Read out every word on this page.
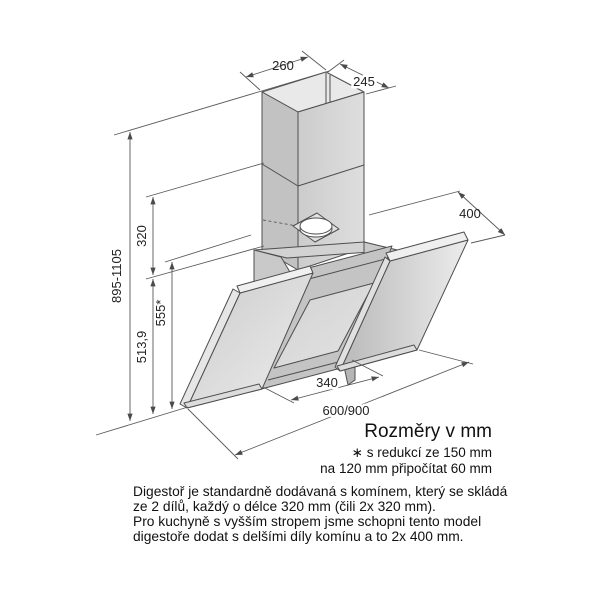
260
245
400
895-1105
320
513,9
555*
340
600/900
Rozměry v mm
∗ s redukcí ze 150 mm
na 120 mm připočítat 60 mm
Digestoř je standardně dodávaná s komínem, který se skládá
ze 2 dílů, každý o délce 320 mm (čili 2x 320 mm).
Pro kuchyně s vyšším stropem jsme schopni tento model
digestoře dodat s delšími díly komínu a to 2x 400 mm.
